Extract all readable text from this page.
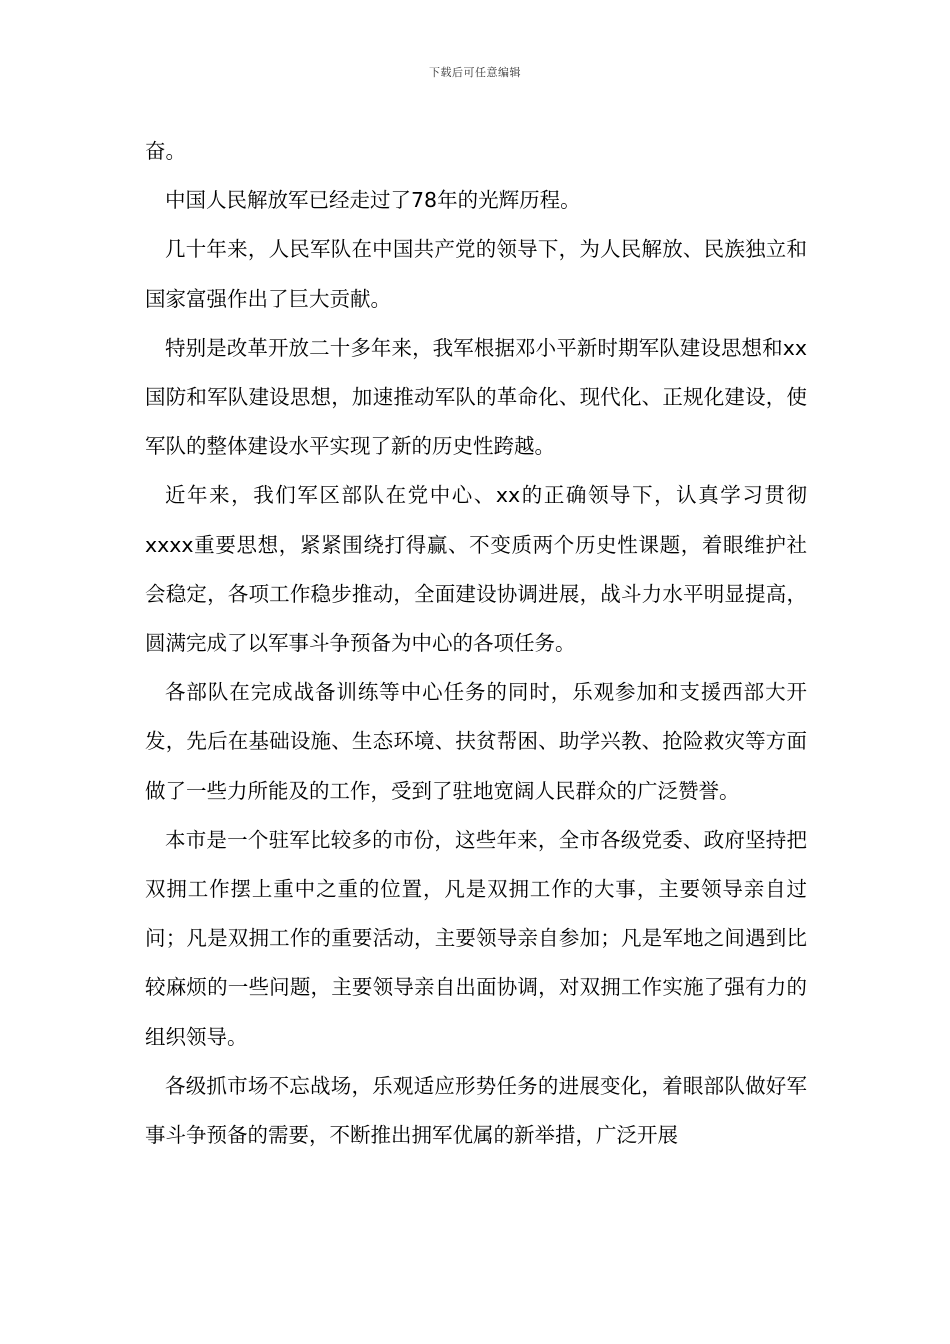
下载后可任意编辑

奋。

中国人民解放军已经走过了78年的光辉历程。

几十年来，人民军队在中国共产党的领导下，为人民解放、民族独立和国家富强作出了巨大贡献。

特别是改革开放二十多年来，我军根据邓小平新时期军队建设思想和xx国防和军队建设思想，加速推动军队的革命化、现代化、正规化建设，使军队的整体建设水平实现了新的历史性跨越。

近年来，我们军区部队在党中心、xx的正确领导下，认真学习贯彻xxxx重要思想，紧紧围绕打得赢、不变质两个历史性课题，着眼维护社会稳定，各项工作稳步推动，全面建设协调进展，战斗力水平明显提高，圆满完成了以军事斗争预备为中心的各项任务。

各部队在完成战备训练等中心任务的同时，乐观参加和支援西部大开发，先后在基础设施、生态环境、扶贫帮困、助学兴教、抢险救灾等方面做了一些力所能及的工作，受到了驻地宽阔人民群众的广泛赞誉。

本市是一个驻军比较多的市份，这些年来，全市各级党委、政府坚持把双拥工作摆上重中之重的位置，凡是双拥工作的大事，主要领导亲自过问；凡是双拥工作的重要活动，主要领导亲自参加；凡是军地之间遇到比较麻烦的一些问题，主要领导亲自出面协调，对双拥工作实施了强有力的组织领导。

各级抓市场不忘战场，乐观适应形势任务的进展变化，着眼部队做好军事斗争预备的需要，不断推出拥军优属的新举措，广泛开展
